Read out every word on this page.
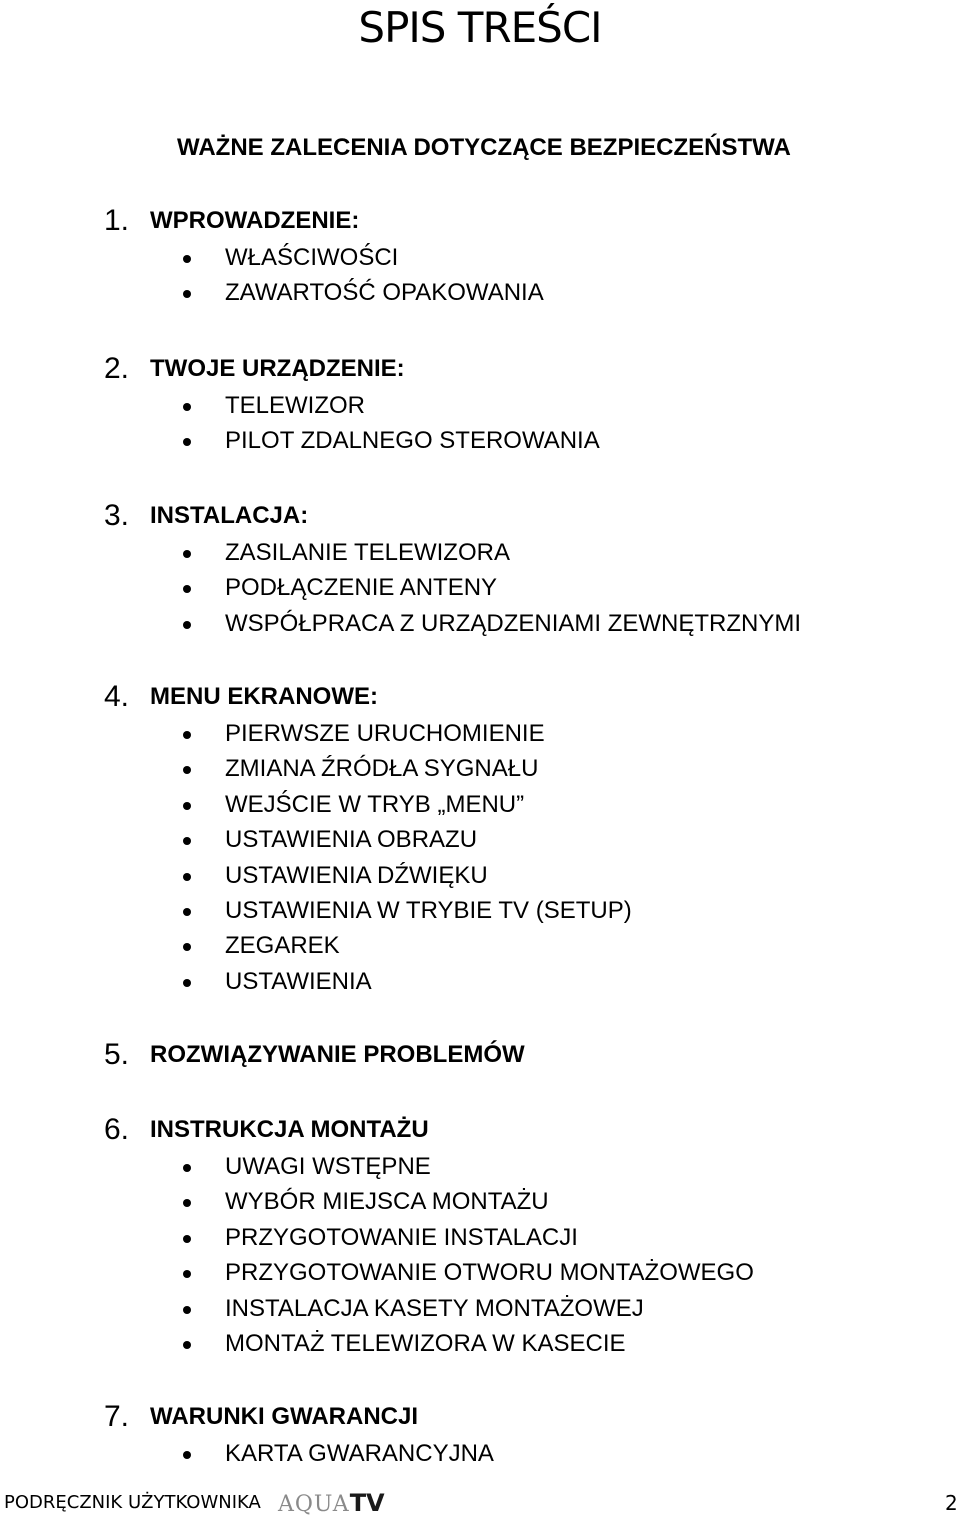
SPIS TREŚCI

WAŻNE ZALECENIA DOTYCZĄCE BEZPIECZEŃSTWA

1. WPROWADZENIE:
WŁAŚCIWOŚCI
ZAWARTOŚĆ OPAKOWANIA
2. TWOJE URZĄDZENIE:
TELEWIZOR
PILOT ZDALNEGO STEROWANIA
3. INSTALACJA:
ZASILANIE TELEWIZORA
PODŁĄCZENIE ANTENY
WSPÓŁPRACA Z URZĄDZENIAMI ZEWNĘTRZNYMI
4. MENU EKRANOWE:
PIERWSZE URUCHOMIENIE
ZMIANA ŹRÓDŁA SYGNAŁU
WEJŚCIE W TRYB „MENU”
USTAWIENIA OBRAZU
USTAWIENIA DŹWIĘKU
USTAWIENIA W TRYBIE TV (SETUP)
ZEGAREK
USTAWIENIA
5. ROZWIĄZYWANIE PROBLEMÓW
6. INSTRUKCJA MONTAŻU
UWAGI WSTĘPNE
WYBÓR MIEJSCA MONTAŻU
PRZYGOTOWANIE INSTALACJI
PRZYGOTOWANIE OTWORU MONTAŻOWEGO
INSTALACJA KASETY MONTAŻOWEJ
MONTAŻ TELEWIZORA W KASECIE
7. WARUNKI GWARANCJI
KARTA GWARANCYJNA
PODRĘCZNIK UŻYTKOWNIKA AQUATV	2
